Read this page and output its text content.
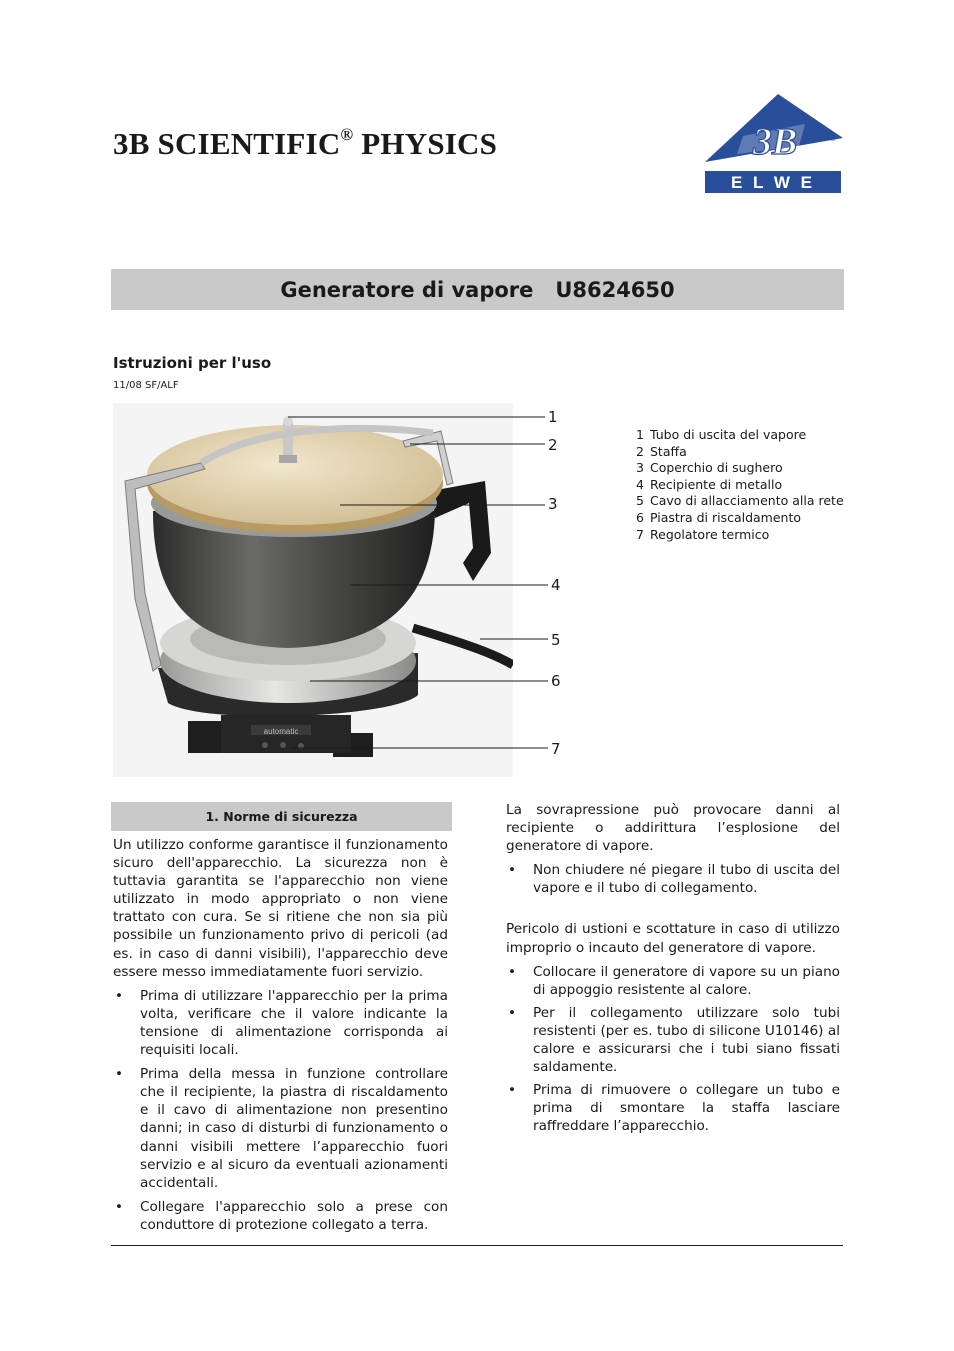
3B SCIENTIFIC® PHYSICS	3B	®
E L W E
Generatore di vapore   U8624650
Istruzioni per l'uso
11/08 SF/ALF
automatic
1
2
3
4
5
6
7
1 Tubo di uscita del vapore
2 Staffa
3 Coperchio di sughero
4 Recipiente di metallo
5 Cavo di allacciamento alla rete
6 Piastra di riscaldamento
7 Regolatore termico
1. Norme di sicurezza

Un utilizzo conforme garantisce il funzionamento sicuro dell'apparecchio. La sicurezza non è tuttavia garantita se l'apparecchio non viene utilizzato in modo appropriato o non viene trattato con cura. Se si ritiene che non sia più possibile un funzionamento privo di pericoli (ad es. in caso di danni visibili), l'apparecchio deve essere messo immediatamente fuori servizio.

• Prima di utilizzare l'apparecchio per la prima volta, verificare che il valore indicante la tensione di alimentazione corrisponda ai requisiti locali.
• Prima della messa in funzione controllare che il recipiente, la piastra di riscaldamento e il cavo di alimentazione non presentino danni; in caso di disturbi di funzionamento o danni visibili mettere l’apparecchio fuori servizio e al sicuro da eventuali azionamenti accidentali.
• Collegare l'apparecchio solo a prese con conduttore di protezione collegato a terra.

La sovrapressione può provocare danni al recipiente o addirittura l’esplosione del generatore di vapore.

• Non chiudere né piegare il tubo di uscita del vapore e il tubo di collegamento.

Pericolo di ustioni e scottature in caso di utilizzo improprio o incauto del generatore di vapore.

• Collocare il generatore di vapore su un piano di appoggio resistente al calore.
• Per il collegamento utilizzare solo tubi resistenti (per es. tubo di silicone U10146) al calore e assicurarsi che i tubi siano fissati saldamente.
• Prima di rimuovere o collegare un tubo e prima di smontare la staffa lasciare raffreddare l’apparecchio.
